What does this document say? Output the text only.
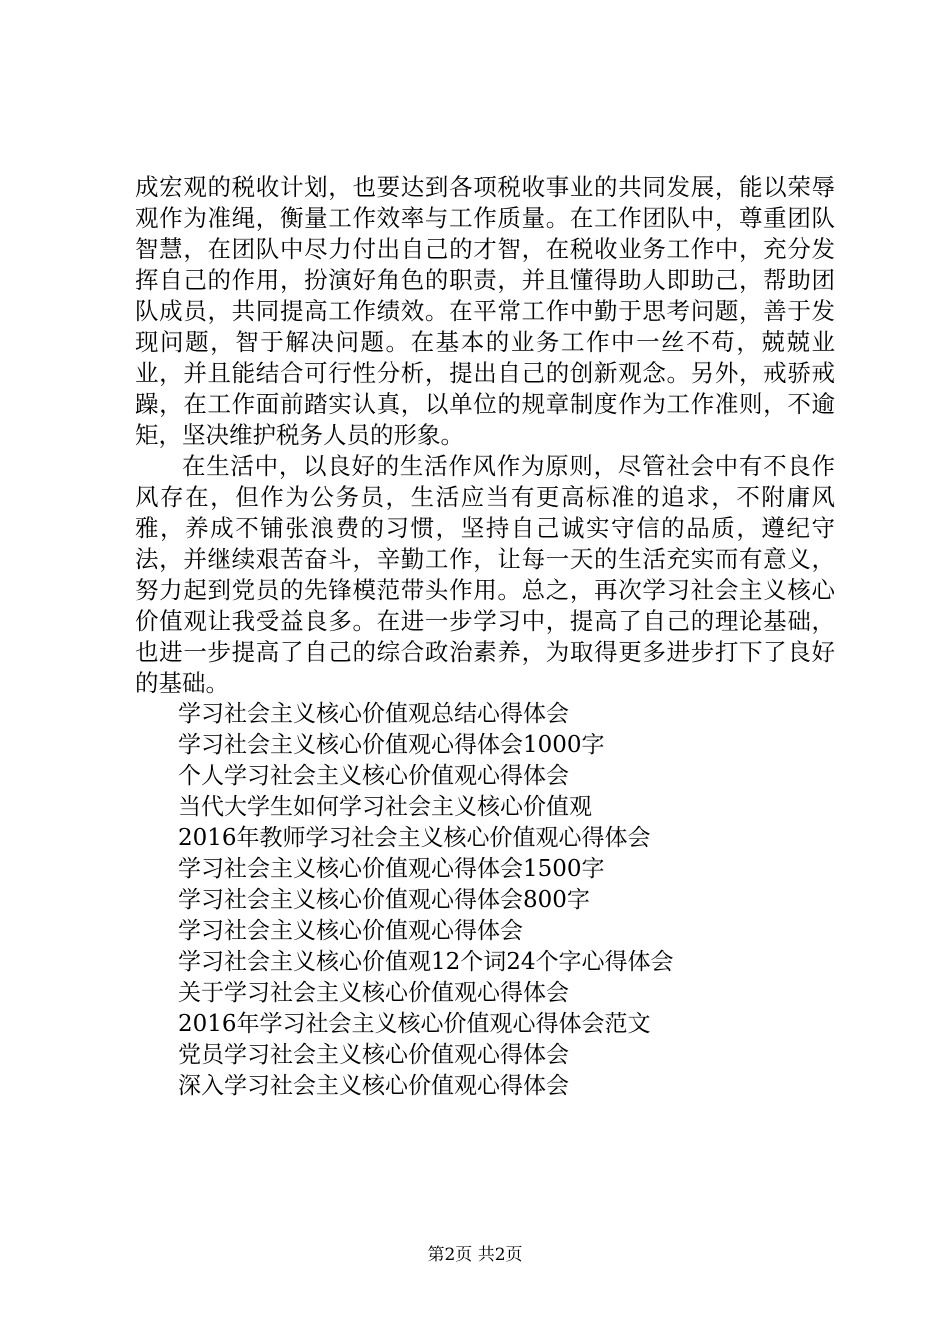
成宏观的税收计划，也要达到各项税收事业的共同发展，能以荣辱观作为准绳，衡量工作效率与工作质量。在工作团队中，尊重团队智慧，在团队中尽力付出自己的才智，在税收业务工作中，充分发挥自己的作用，扮演好角色的职责，并且懂得助人即助己，帮助团队成员，共同提高工作绩效。在平常工作中勤于思考问题，善于发现问题，智于解决问题。在基本的业务工作中一丝不苟，兢兢业业，并且能结合可行性分析，提出自己的创新观念。另外，戒骄戒躁，在工作面前踏实认真，以单位的规章制度作为工作准则，不逾矩，坚决维护税务人员的形象。

在生活中，以良好的生活作风作为原则，尽管社会中有不良作风存在，但作为公务员，生活应当有更高标准的追求，不附庸风雅，养成不铺张浪费的习惯，坚持自己诚实守信的品质，遵纪守法，并继续艰苦奋斗，辛勤工作，让每一天的生活充实而有意义，努力起到党员的先锋模范带头作用。总之，再次学习社会主义核心价值观让我受益良多。在进一步学习中，提高了自己的理论基础，也进一步提高了自己的综合政治素养，为取得更多进步打下了良好的基础。

学习社会主义核心价值观总结心得体会
学习社会主义核心价值观心得体会1000字
个人学习社会主义核心价值观心得体会
当代大学生如何学习社会主义核心价值观
2016年教师学习社会主义核心价值观心得体会
学习社会主义核心价值观心得体会1500字
学习社会主义核心价值观心得体会800字
学习社会主义核心价值观心得体会
学习社会主义核心价值观12个词24个字心得体会
关于学习社会主义核心价值观心得体会
2016年学习社会主义核心价值观心得体会范文
党员学习社会主义核心价值观心得体会
深入学习社会主义核心价值观心得体会
第2页 共2页
